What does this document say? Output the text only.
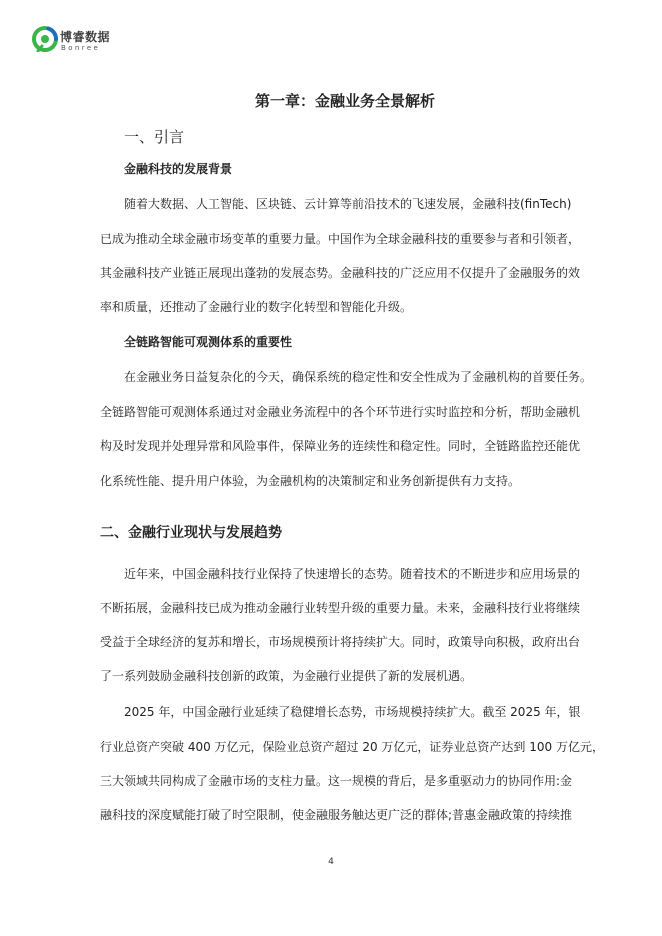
博睿数据
Bonree
第一章：金融业务全景解析
一、引言
金融科技的发展背景
随着大数据、人工智能、区块链、云计算等前沿技术的飞速发展，金融科技(finTech)
已成为推动全球金融市场变革的重要力量。中国作为全球金融科技的重要参与者和引领者，
其金融科技产业链正展现出蓬勃的发展态势。金融科技的广泛应用不仅提升了金融服务的效
率和质量，还推动了金融行业的数字化转型和智能化升级。
全链路智能可观测体系的重要性
在金融业务日益复杂化的今天，确保系统的稳定性和安全性成为了金融机构的首要任务。
全链路智能可观测体系通过对金融业务流程中的各个环节进行实时监控和分析，帮助金融机
构及时发现并处理异常和风险事件，保障业务的连续性和稳定性。同时，全链路监控还能优
化系统性能、提升用户体验，为金融机构的决策制定和业务创新提供有力支持。
二、金融行业现状与发展趋势
近年来，中国金融科技行业保持了快速增长的态势。随着技术的不断进步和应用场景的
不断拓展，金融科技已成为推动金融行业转型升级的重要力量。未来，金融科技行业将继续
受益于全球经济的复苏和增长，市场规模预计将持续扩大。同时，政策导向积极，政府出台
了一系列鼓励金融科技创新的政策，为金融行业提供了新的发展机遇。
2025 年，中国金融行业延续了稳健增长态势，市场规模持续扩大。截至 2025 年，银
行业总资产突破 400 万亿元，保险业总资产超过 20 万亿元，证券业总资产达到 100 万亿元，
三大领域共同构成了金融市场的支柱力量。这一规模的背后，是多重驱动力的协同作用:金
融科技的深度赋能打破了时空限制，使金融服务触达更广泛的群体;普惠金融政策的持续推
4
